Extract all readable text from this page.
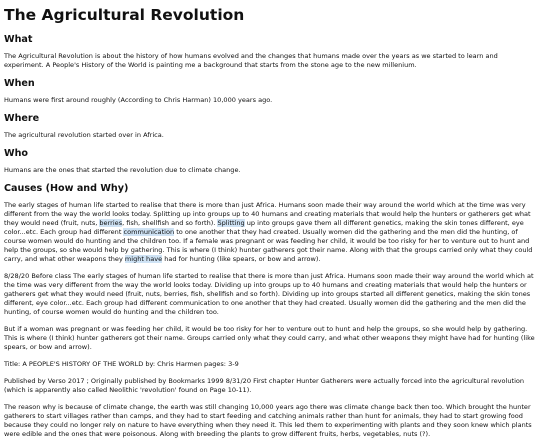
The Agricultural Revolution
What

The Agricultural Revolution is about the history of how humans evolved and the changes that humans made over the years as we started to learn and experiment. A People's History of the World is painting me a background that starts from the stone age to the new millenium.

When

Humans were first around roughly (According to Chris Harman) 10,000 years ago.

Where

The agricultural revolution started over in Africa.

Who

Humans are the ones that started the revolution due to climate change.

Causes (How and Why)

The early stages of human life started to realise that there is more than just Africa. Humans soon made their way around the world which at the time was very different from the way the world looks today. Splitting up into groups up to 40 humans and creating materials that would help the hunters or gatherers get what they would need (fruit, nuts, berries, fish, shellfish and so forth). Splitting up into groups gave them all different genetics, making the skin tones different, eye color...etc. Each group had different communication to one another that they had created. Usually women did the gathering and the men did the hunting, of course women would do hunting and the children too. If a female was pregnant or was feeding her child, it would be too risky for her to venture out to hunt and help the groups, so she would help by gathering. This is where (I think) hunter gatherers got their name. Along with that the groups carried only what they could carry, and what other weapons they might have had for hunting (like spears, or bow and arrow).

8/28/20 Before class The early stages of human life started to realise that there is more than just Africa. Humans soon made their way around the world which at the time was very different from the way the world looks today. Dividing up into groups up to 40 humans and creating materials that would help the hunters or gatherers get what they would need (fruit, nuts, berries, fish, shellfish and so forth). Dividing up into groups started all different genetics, making the skin tones different, eye color...etc. Each group had different communication to one another that they had created. Usually women did the gathering and the men did the hunting, of course women would do hunting and the children too.

But if a woman was pregnant or was feeding her child, it would be too risky for her to venture out to hunt and help the groups, so she would help by gathering. This is where (I think) hunter gatherers got their name. Groups carried only what they could carry, and what other weapons they might have had for hunting (like spears, or bow and arrow).

Title: A PEOPLE'S HISTORY OF THE WORLD by: Chris Harmen pages: 3-9

Published by Verso 2017 ; Originally published by Bookmarks 1999 8/31/20 First chapter Hunter Gatherers were actually forced into the agricultural revolution (which is apparently also called Neolithic 'revolution' found on Page 10-11).

The reason why is because of climate change, the earth was still changing 10,000 years ago there was climate change back then too. Which brought the hunter gatherers to start villages rather than camps, and they had to start feeding and catching animals rather than hunt for animals, they had to start growing food because they could no longer rely on nature to have everything when they need it. This led them to experimenting with plants and they soon knew which plants were edible and the ones that were poisonous. Along with breeding the plants to grow different fruits, herbs, vegetables, nuts (?).
